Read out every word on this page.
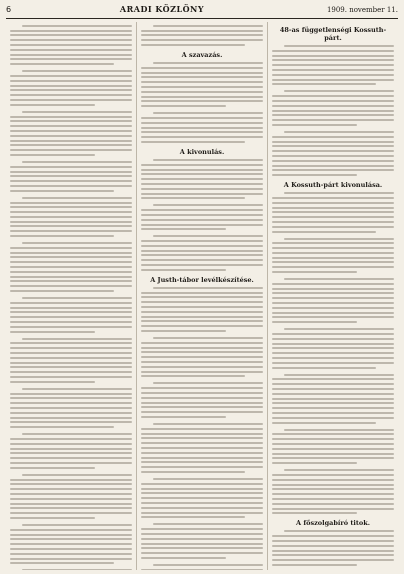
6	ARADI KÖZLÖNY	1909. november 11.
A szavazás.
A kivonulás.
A Justh-tábor levélkészítése.
48-as függetlenségi Kossuth-párt.
A Kossuth-párt kivonulása.
A főszolgabíró titok.
